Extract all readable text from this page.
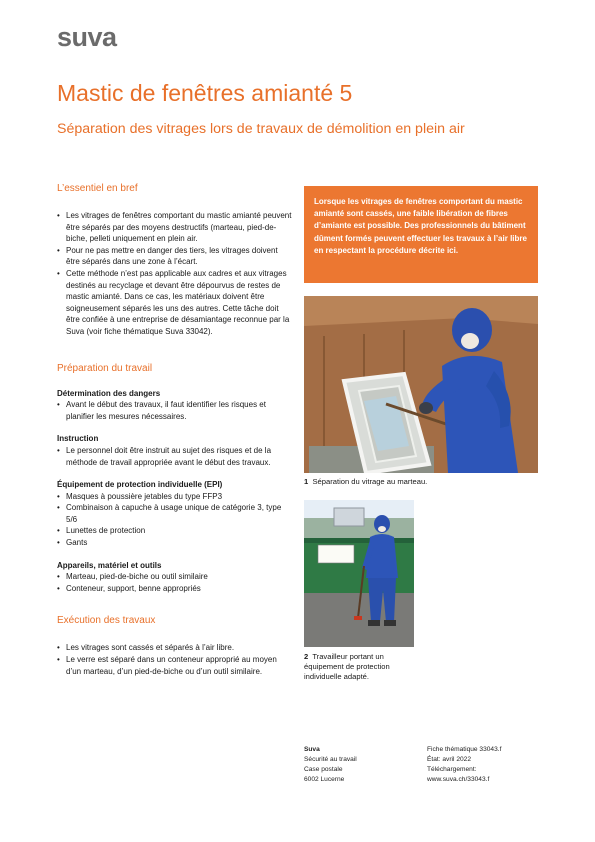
suva
Mastic de fenêtres amianté 5
Séparation des vitrages lors de travaux de démolition en plein air
L’essentiel en bref
• Les vitrages de fenêtres comportant du mastic amianté peuvent être séparés par des moyens destructifs (marteau, pied-de-biche, pelleti uniquement en plein air.
• Pour ne pas mettre en danger des tiers, les vitrages doivent être séparés dans une zone à l’écart.
• Cette méthode n’est pas applicable aux cadres et aux vitrages destinés au recyclage et devant être dépourvus de restes de mastic amianté. Dans ce cas, les matériaux doivent être soigneusement séparés les uns des autres. Cette tâche doit être confiée à une entreprise de désamiantage reconnue par la Suva (voir fiche thématique Suva 33042).
Préparation du travail
Détermination des dangers
• Avant le début des travaux, il faut identifier les risques et planifier les mesures nécessaires.
Instruction
• Le personnel doit être instruit au sujet des risques et de la méthode de travail appropriée avant le début des travaux.
Équipement de protection individuelle (EPI)
• Masques à poussière jetables du type FFP3
• Combinaison à capuche à usage unique de catégorie 3, type 5/6
• Lunettes de protection
• Gants
Appareils, matériel et outils
• Marteau, pied-de-biche ou outil similaire
• Conteneur, support, benne appropriés
Exécution des travaux
• Les vitrages sont cassés et séparés à l’air libre.
• Le verre est séparé dans un conteneur approprié au moyen d’un marteau, d’un pied-de-biche ou d’un outil similaire.
Lorsque les vitrages de fenêtres comportant du mastic amianté sont cassés, une faible libération de fibres d’amiante est possible. Des professionnels du bâtiment dûment formés peuvent effectuer les travaux à l’air libre en respectant la procédure décrite ici.
1 Séparation du vitrage au marteau.
2 Travailleur portant un équipement de protection individuelle adapté.
Suva
Sécurité au travail
Case postale
6002 Lucerne
Fiche thématique 33043.f
État: avril 2022
Téléchargement:
www.suva.ch/33043.f
